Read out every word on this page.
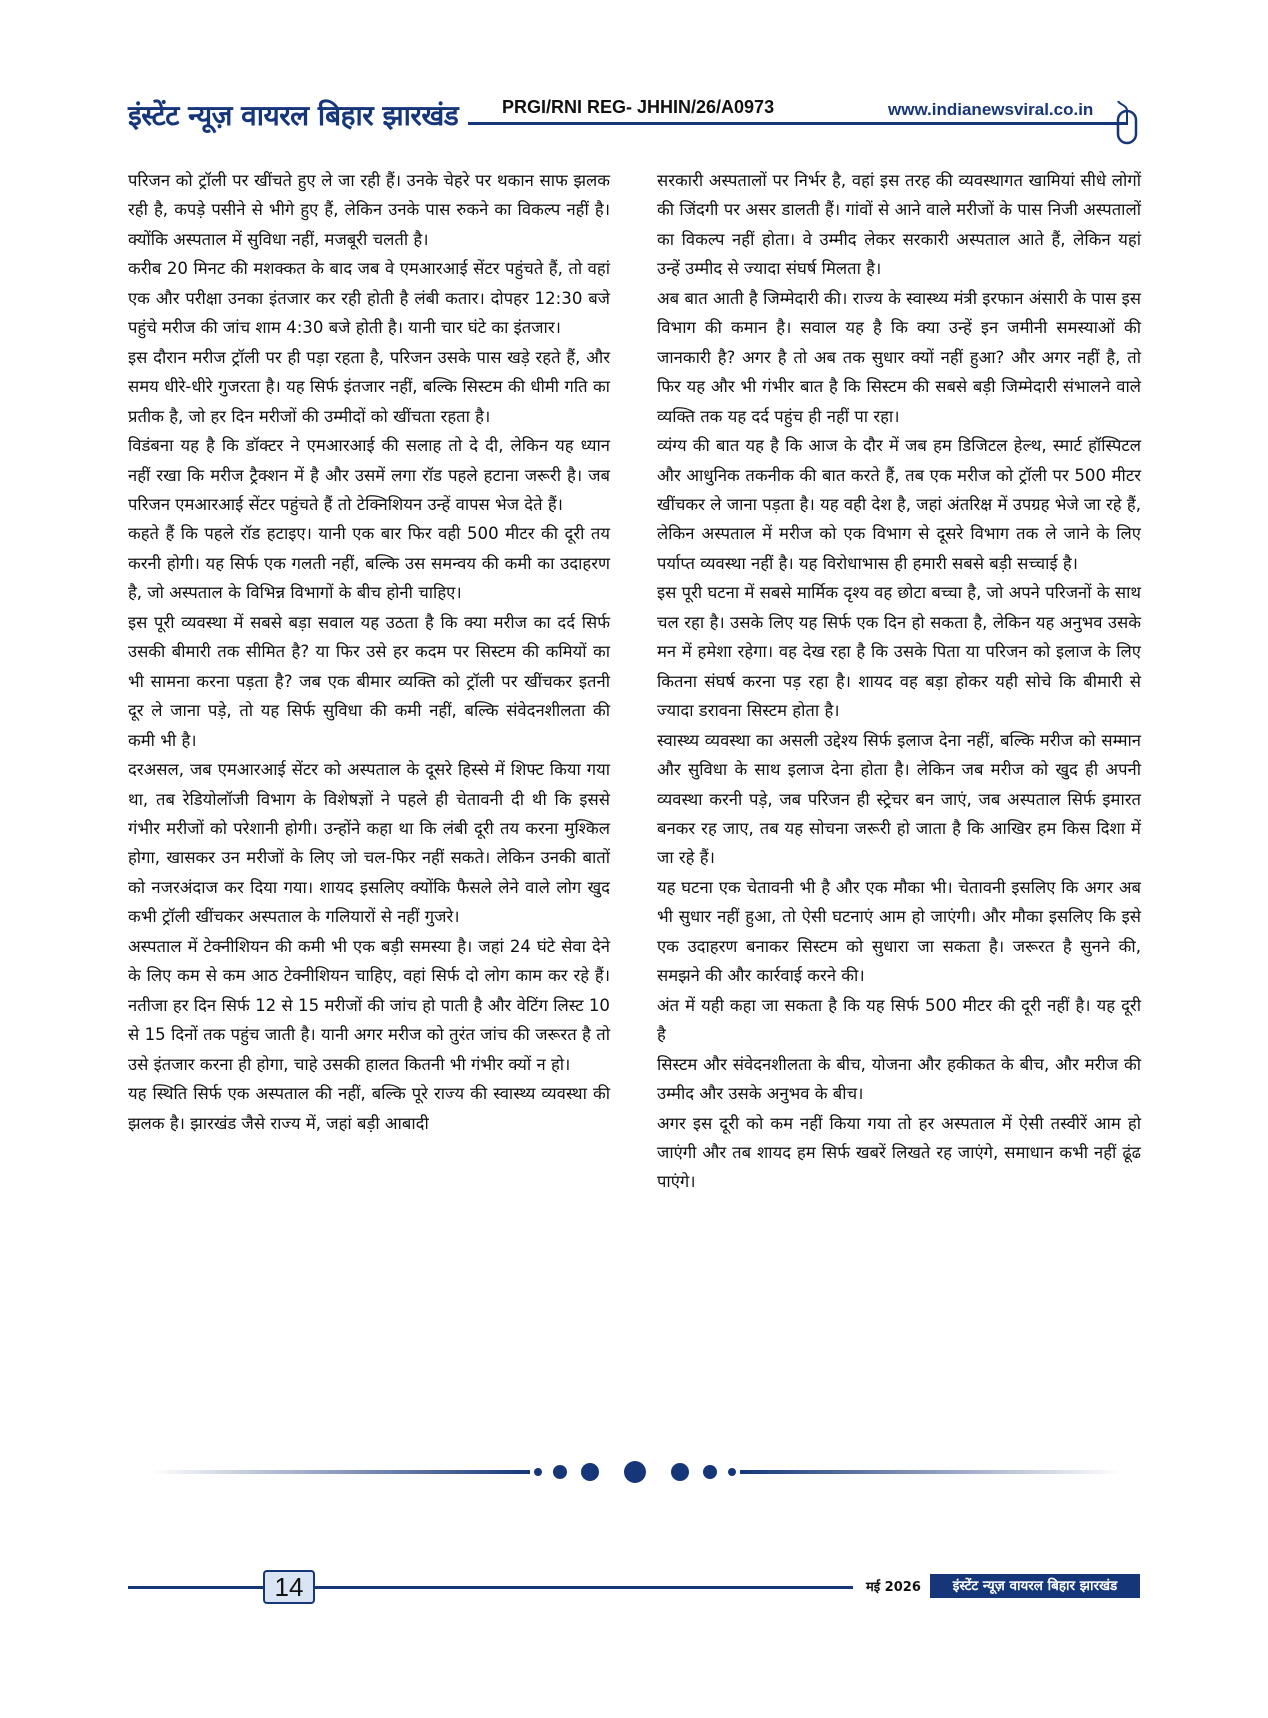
इंस्टेंट न्यूज़ वायरल बिहार झारखंड PRGI/RNI REG- JHHIN/26/A0973	www.indianewsviral.co.in

परिजन को ट्रॉली पर खींचते हुए ले जा रही हैं। उनके चेहरे पर थकान साफ झलक रही है, कपड़े पसीने से भीगे हुए हैं, लेकिन उनके पास रुकने का विकल्प नहीं है। क्योंकि अस्पताल में सुविधा नहीं, मजबूरी चलती है।

करीब 20 मिनट की मशक्कत के बाद जब वे एमआरआई सेंटर पहुंचते हैं, तो वहां एक और परीक्षा उनका इंतजार कर रही होती है लंबी कतार। दोपहर 12:30 बजे पहुंचे मरीज की जांच शाम 4:30 बजे होती है। यानी चार घंटे का इंतजार।

इस दौरान मरीज ट्रॉली पर ही पड़ा रहता है, परिजन उसके पास खड़े रहते हैं, और समय धीरे-धीरे गुजरता है। यह सिर्फ इंतजार नहीं, बल्कि सिस्टम की धीमी गति का प्रतीक है, जो हर दिन मरीजों की उम्मीदों को खींचता रहता है।

विडंबना यह है कि डॉक्टर ने एमआरआई की सलाह तो दे दी, लेकिन यह ध्यान नहीं रखा कि मरीज ट्रैक्शन में है और उसमें लगा रॉड पहले हटाना जरूरी है। जब परिजन एमआरआई सेंटर पहुंचते हैं तो टेक्निशियन उन्हें वापस भेज देते हैं।

कहते हैं कि पहले रॉड हटाइए। यानी एक बार फिर वही 500 मीटर की दूरी तय करनी होगी। यह सिर्फ एक गलती नहीं, बल्कि उस समन्वय की कमी का उदाहरण है, जो अस्पताल के विभिन्न विभागों के बीच होनी चाहिए।

इस पूरी व्यवस्था में सबसे बड़ा सवाल यह उठता है कि क्या मरीज का दर्द सिर्फ उसकी बीमारी तक सीमित है? या फिर उसे हर कदम पर सिस्टम की कमियों का भी सामना करना पड़ता है? जब एक बीमार व्यक्ति को ट्रॉली पर खींचकर इतनी दूर ले जाना पड़े, तो यह सिर्फ सुविधा की कमी नहीं, बल्कि संवेदनशीलता की कमी भी है।

दरअसल, जब एमआरआई सेंटर को अस्पताल के दूसरे हिस्से में शिफ्ट किया गया था, तब रेडियोलॉजी विभाग के विशेषज्ञों ने पहले ही चेतावनी दी थी कि इससे गंभीर मरीजों को परेशानी होगी। उन्होंने कहा था कि लंबी दूरी तय करना मुश्किल होगा, खासकर उन मरीजों के लिए जो चल-फिर नहीं सकते। लेकिन उनकी बातों को नजरअंदाज कर दिया गया। शायद इसलिए क्योंकि फैसले लेने वाले लोग खुद कभी ट्रॉली खींचकर अस्पताल के गलियारों से नहीं गुजरे।

अस्पताल में टेक्नीशियन की कमी भी एक बड़ी समस्या है। जहां 24 घंटे सेवा देने के लिए कम से कम आठ टेक्नीशियन चाहिए, वहां सिर्फ दो लोग काम कर रहे हैं। नतीजा हर दिन सिर्फ 12 से 15 मरीजों की जांच हो पाती है और वेटिंग लिस्ट 10 से 15 दिनों तक पहुंच जाती है। यानी अगर मरीज को तुरंत जांच की जरूरत है तो उसे इंतजार करना ही होगा, चाहे उसकी हालत कितनी भी गंभीर क्यों न हो।

यह स्थिति सिर्फ एक अस्पताल की नहीं, बल्कि पूरे राज्य की स्वास्थ्य व्यवस्था की झलक है। झारखंड जैसे राज्य में, जहां बड़ी आबादी

सरकारी अस्पतालों पर निर्भर है, वहां इस तरह की व्यवस्थागत खामियां सीधे लोगों की जिंदगी पर असर डालती हैं। गांवों से आने वाले मरीजों के पास निजी अस्पतालों का विकल्प नहीं होता। वे उम्मीद लेकर सरकारी अस्पताल आते हैं, लेकिन यहां उन्हें उम्मीद से ज्यादा संघर्ष मिलता है।

अब बात आती है जिम्मेदारी की। राज्य के स्वास्थ्य मंत्री इरफान अंसारी के पास इस विभाग की कमान है। सवाल यह है कि क्या उन्हें इन जमीनी समस्याओं की जानकारी है? अगर है तो अब तक सुधार क्यों नहीं हुआ? और अगर नहीं है, तो फिर यह और भी गंभीर बात है कि सिस्टम की सबसे बड़ी जिम्मेदारी संभालने वाले व्यक्ति तक यह दर्द पहुंच ही नहीं पा रहा।

व्यंग्य की बात यह है कि आज के दौर में जब हम डिजिटल हेल्थ, स्मार्ट हॉस्पिटल और आधुनिक तकनीक की बात करते हैं, तब एक मरीज को ट्रॉली पर 500 मीटर खींचकर ले जाना पड़ता है। यह वही देश है, जहां अंतरिक्ष में उपग्रह भेजे जा रहे हैं, लेकिन अस्पताल में मरीज को एक विभाग से दूसरे विभाग तक ले जाने के लिए पर्याप्त व्यवस्था नहीं है। यह विरोधाभास ही हमारी सबसे बड़ी सच्चाई है।

इस पूरी घटना में सबसे मार्मिक दृश्य वह छोटा बच्चा है, जो अपने परिजनों के साथ चल रहा है। उसके लिए यह सिर्फ एक दिन हो सकता है, लेकिन यह अनुभव उसके मन में हमेशा रहेगा। वह देख रहा है कि उसके पिता या परिजन को इलाज के लिए कितना संघर्ष करना पड़ रहा है। शायद वह बड़ा होकर यही सोचे कि बीमारी से ज्यादा डरावना सिस्टम होता है।

स्वास्थ्य व्यवस्था का असली उद्देश्य सिर्फ इलाज देना नहीं, बल्कि मरीज को सम्मान और सुविधा के साथ इलाज देना होता है। लेकिन जब मरीज को खुद ही अपनी व्यवस्था करनी पड़े, जब परिजन ही स्ट्रेचर बन जाएं, जब अस्पताल सिर्फ इमारत बनकर रह जाए, तब यह सोचना जरूरी हो जाता है कि आखिर हम किस दिशा में जा रहे हैं।

यह घटना एक चेतावनी भी है और एक मौका भी। चेतावनी इसलिए कि अगर अब भी सुधार नहीं हुआ, तो ऐसी घटनाएं आम हो जाएंगी। और मौका इसलिए कि इसे एक उदाहरण बनाकर सिस्टम को सुधारा जा सकता है। जरूरत है सुनने की, समझने की और कार्रवाई करने की।

अंत में यही कहा जा सकता है कि यह सिर्फ 500 मीटर की दूरी नहीं है। यह दूरी है

सिस्टम और संवेदनशीलता के बीच, योजना और हकीकत के बीच, और मरीज की उम्मीद और उसके अनुभव के बीच।

अगर इस दूरी को कम नहीं किया गया तो हर अस्पताल में ऐसी तस्वीरें आम हो जाएंगी और तब शायद हम सिर्फ खबरें लिखते रह जाएंगे, समाधान कभी नहीं ढूंढ पाएंगे।

14	मई 2026	इंस्टेंट न्यूज़ वायरल बिहार झारखंड
